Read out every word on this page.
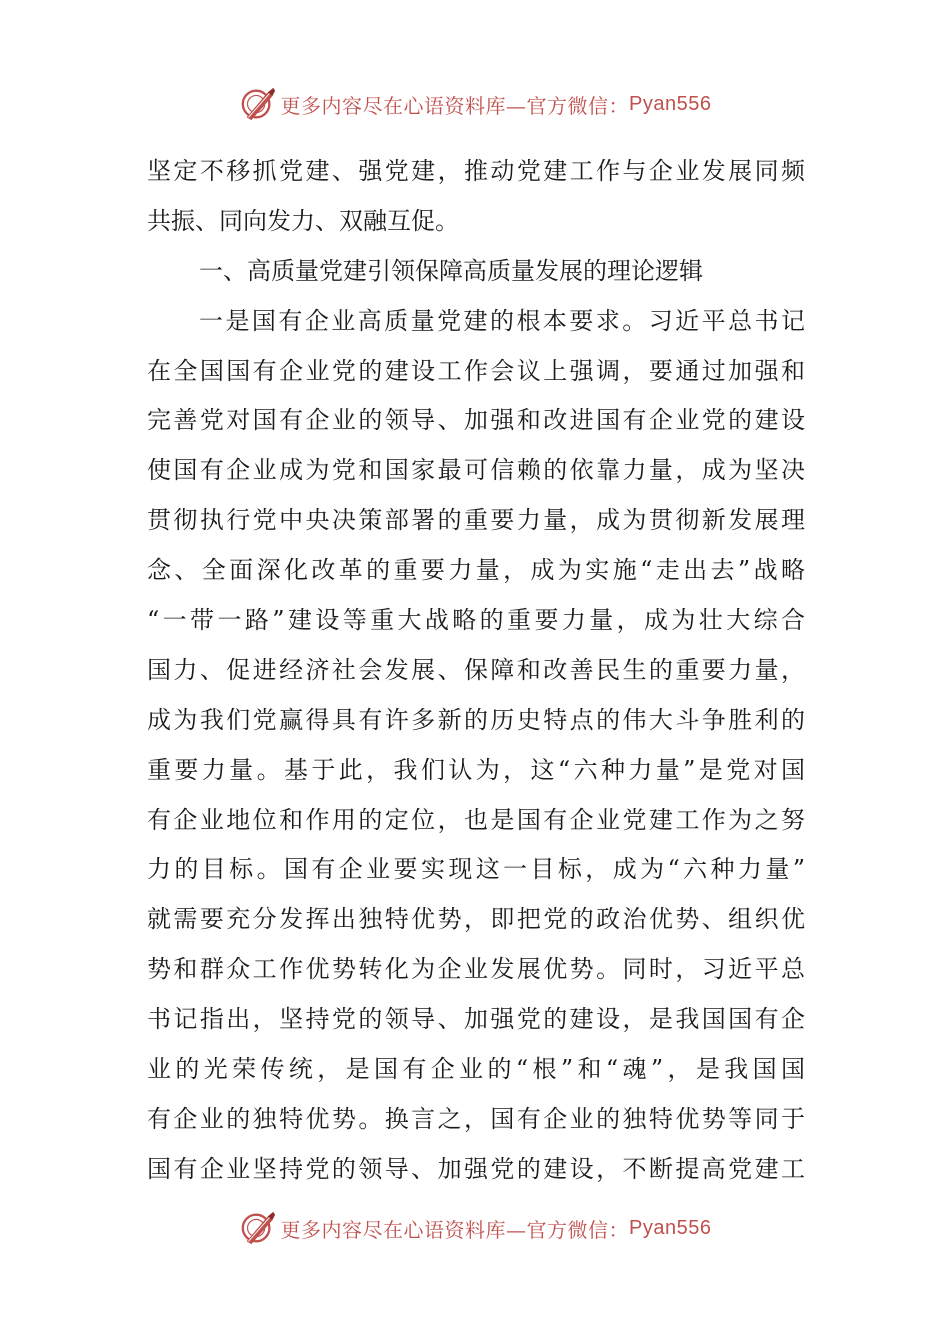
更多内容尽在心语资料库—官方微信： Pyan556
坚定不移抓党建、强党建，推动党建工作与企业发展同频
共振、同向发力、双融互促。
一、高质量党建引领保障高质量发展的理论逻辑
一是国有企业高质量党建的根本要求。习近平总书记
在全国国有企业党的建设工作会议上强调，要通过加强和
完善党对国有企业的领导、加强和改进国有企业党的建设
使国有企业成为党和国家最可信赖的依靠力量，成为坚决
贯彻执行党中央决策部署的重要力量，成为贯彻新发展理
念、全面深化改革的重要力量，成为实施“走出去”战略
“一带一路”建设等重大战略的重要力量，成为壮大综合
国力、促进经济社会发展、保障和改善民生的重要力量，
成为我们党赢得具有许多新的历史特点的伟大斗争胜利的
重要力量。基于此，我们认为，这“六种力量”是党对国
有企业地位和作用的定位，也是国有企业党建工作为之努
力的目标。国有企业要实现这一目标，成为“六种力量”
就需要充分发挥出独特优势，即把党的政治优势、组织优
势和群众工作优势转化为企业发展优势。同时，习近平总
书记指出，坚持党的领导、加强党的建设，是我国国有企
业的光荣传统，是国有企业的“根”和“魂”，是我国国
有企业的独特优势。换言之，国有企业的独特优势等同于
国有企业坚持党的领导、加强党的建设，不断提高党建工
更多内容尽在心语资料库—官方微信： Pyan556
